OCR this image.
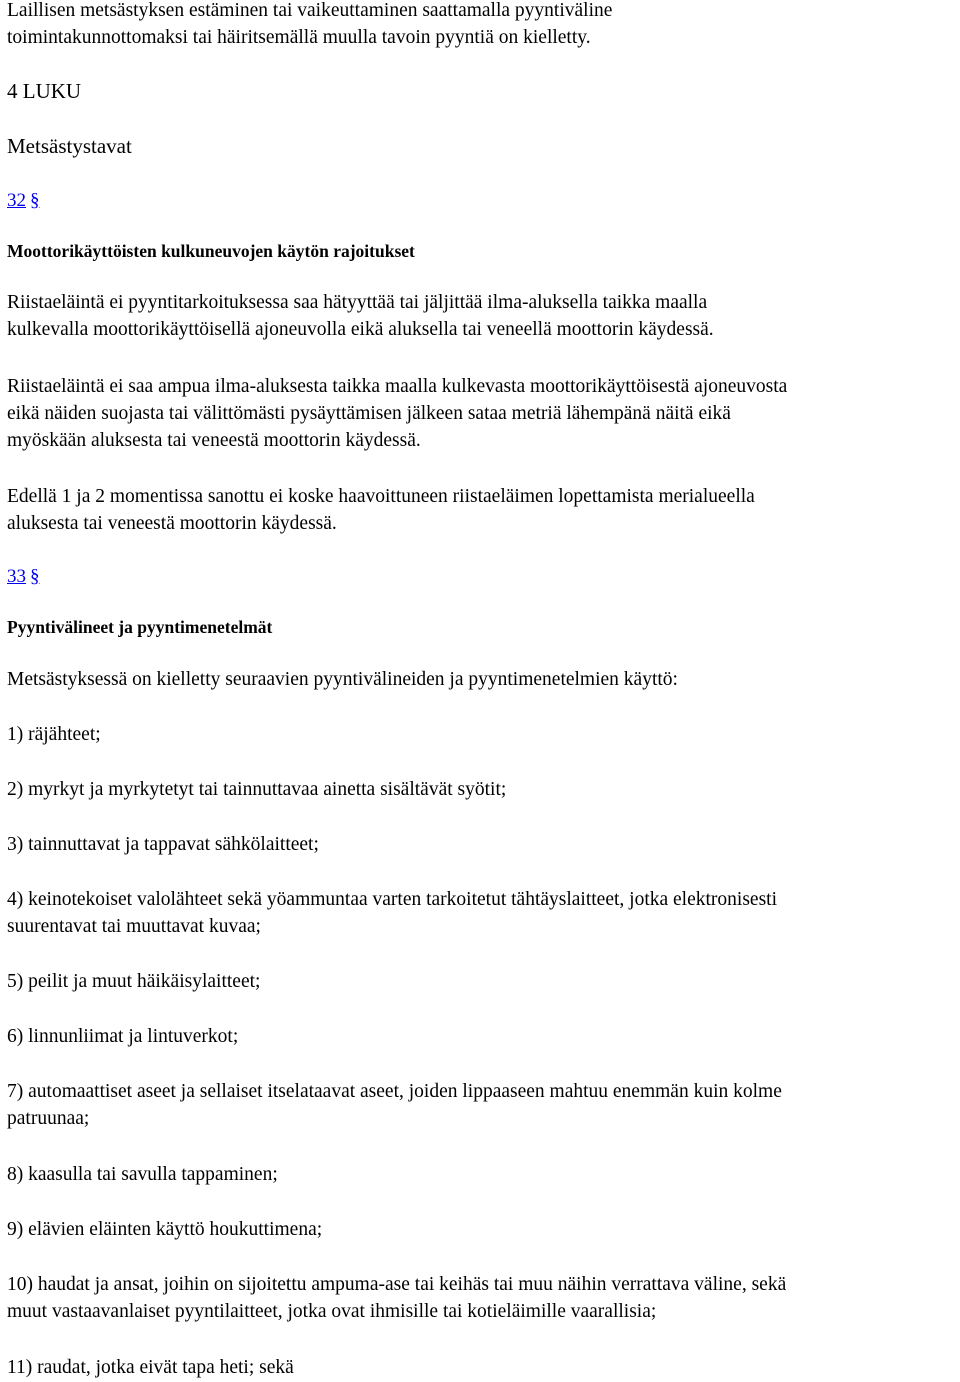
Laillisen metsästyksen estäminen tai vaikeuttaminen saattamalla pyyntiväline
toimintakunnottomaksi tai häiritsemällä muulla tavoin pyyntiä on kielletty.

4 LUKU

Metsästystavat

32 §

Moottorikäyttöisten kulkuneuvojen käytön rajoitukset

Riistaeläintä ei pyyntitarkoituksessa saa hätyyttää tai jäljittää ilma-aluksella taikka maalla
kulkevalla moottorikäyttöisellä ajoneuvolla eikä aluksella tai veneellä moottorin käydessä.

Riistaeläintä ei saa ampua ilma-aluksesta taikka maalla kulkevasta moottorikäyttöisestä ajoneuvosta
eikä näiden suojasta tai välittömästi pysäyttämisen jälkeen sataa metriä lähempänä näitä eikä
myöskään aluksesta tai veneestä moottorin käydessä.

Edellä 1 ja 2 momentissa sanottu ei koske haavoittuneen riistaeläimen lopettamista merialueella
aluksesta tai veneestä moottorin käydessä.

33 §

Pyyntivälineet ja pyyntimenetelmät

Metsästyksessä on kielletty seuraavien pyyntivälineiden ja pyyntimenetelmien käyttö:

1) räjähteet;

2) myrkyt ja myrkytetyt tai tainnuttavaa ainetta sisältävät syötit;

3) tainnuttavat ja tappavat sähkölaitteet;

4) keinotekoiset valolähteet sekä yöammuntaa varten tarkoitetut tähtäyslaitteet, jotka elektronisesti
suurentavat tai muuttavat kuvaa;

5) peilit ja muut häikäisylaitteet;

6) linnunliimat ja lintuverkot;

7) automaattiset aseet ja sellaiset itselataavat aseet, joiden lippaaseen mahtuu enemmän kuin kolme
patruunaa;

8) kaasulla tai savulla tappaminen;

9) elävien eläinten käyttö houkuttimena;

10) haudat ja ansat, joihin on sijoitettu ampuma-ase tai keihäs tai muu näihin verrattava väline, sekä
muut vastaavanlaiset pyyntilaitteet, jotka ovat ihmisille tai kotieläimille vaarallisia;

11) raudat, jotka eivät tapa heti; sekä
